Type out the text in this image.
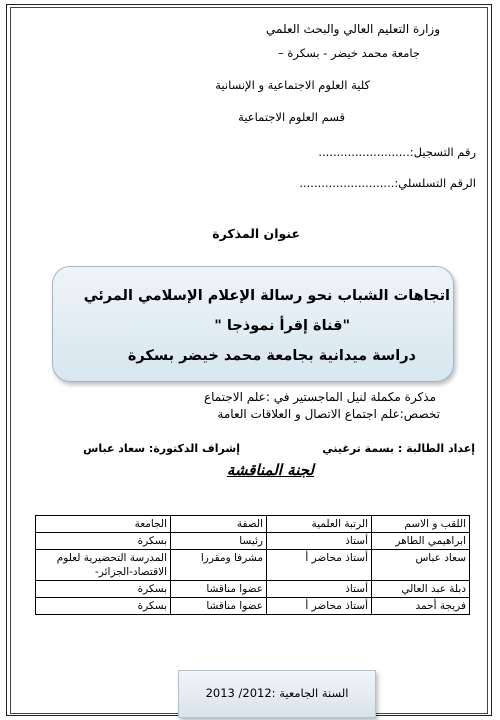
وزارة التعليم العالي والبحث العلمي
جامعة محمد خيضر - بسكرة –
كلية العلوم الاجتماعية و الإنسانية
قسم العلوم الاجتماعية
رقم التسجيل:.........................
الرقم التسلسلي:..........................
عنوان المذكرة
اتجاهات الشباب نحو رسالة الإعلام الإسلامي المرئي
"قناة إقرأ نموذجا "
دراسة ميدانية بجامعة محمد خيضر بسكرة
مذكرة مكملة لنيل الماجستير في :علم الاجتماع
تخصص:علم اجتماع الاتصال و العلاقات العامة
إعداد الطالبة : بسمة ترغيني
إشراف الدكتورة: سعاد عباس
لجنة المناقشة
اللقب و الاسم	الرتبة العلمية	الصفة	الجامعة
ابراهيمي الطاهر	أستاذ	رئيسا	بسكرة
سعاد عباس	أستاذ محاضر أ	مشرفا ومقررا	المدرسة التحضيرية لعلوم الاقتصاد-الجزائر-
دبلة عبد العالي	أستاذ	عضوا مناقشا	بسكرة
فريجة أحمد	أستاذ محاضر أ	عضوا مناقشا	بسكرة
السنة الجامعية :2012/ 2013
